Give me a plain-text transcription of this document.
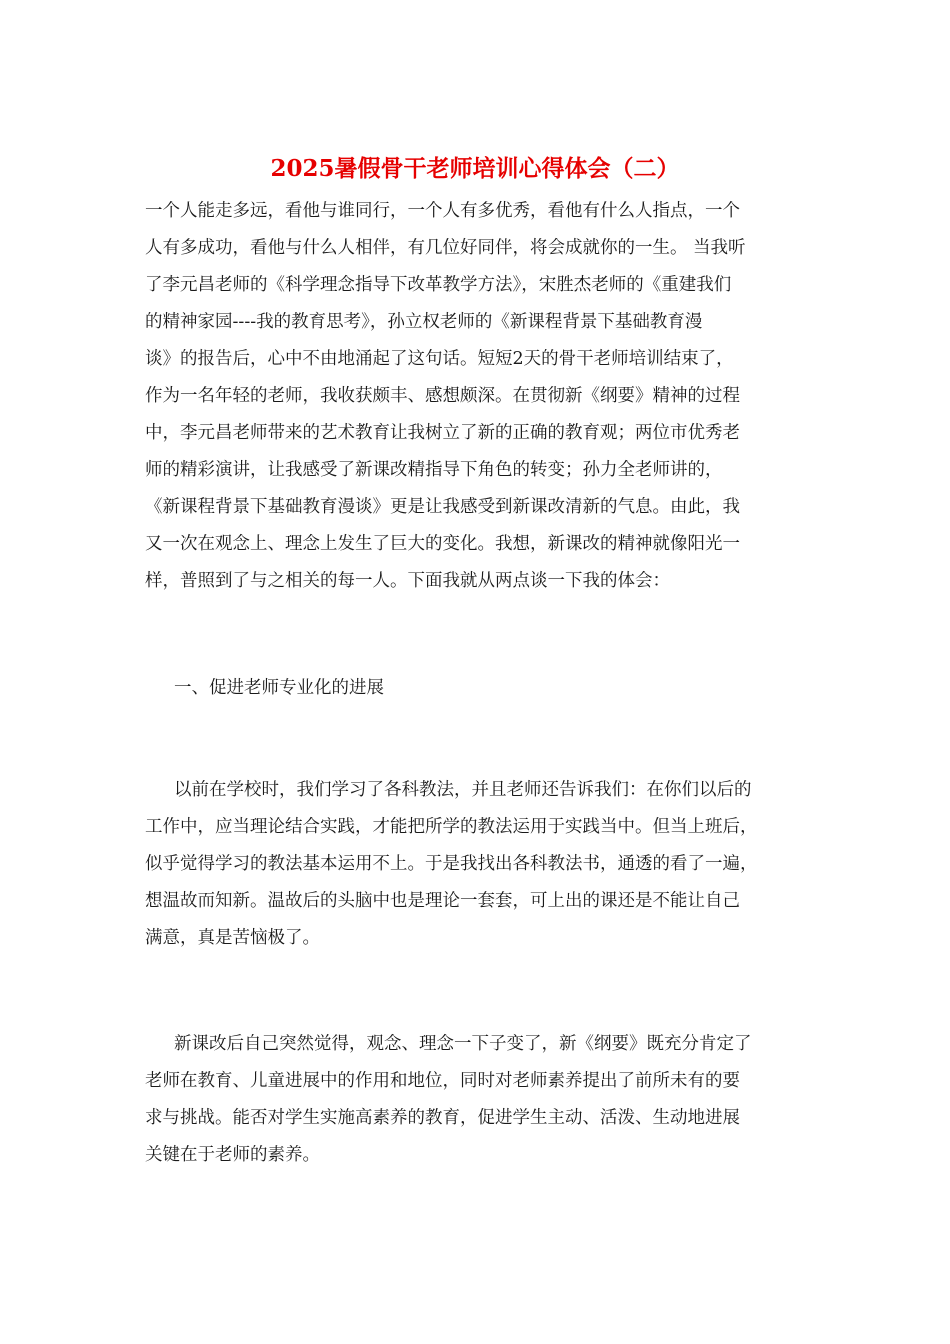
2025暑假骨干老师培训心得体会（二）

一个人能走多远，看他与谁同行，一个人有多优秀，看他有什么人指点，一个

人有多成功，看他与什么人相伴，有几位好同伴，将会成就你的一生。 当我听

了李元昌老师的《科学理念指导下改革教学方法》，宋胜杰老师的《重建我们

的精神家园----我的教育思考》，孙立权老师的《新课程背景下基础教育漫

谈》的报告后，心中不由地涌起了这句话。短短2天的骨干老师培训结束了，

作为一名年轻的老师，我收获颇丰、感想颇深。在贯彻新《纲要》精神的过程

中，李元昌老师带来的艺术教育让我树立了新的正确的教育观；两位市优秀老

师的精彩演讲，让我感受了新课改精指导下角色的转变；孙力全老师讲的，

《新课程背景下基础教育漫谈》更是让我感受到新课改清新的气息。由此，我

又一次在观念上、理念上发生了巨大的变化。我想，新课改的精神就像阳光一

样，普照到了与之相关的每一人。下面我就从两点谈一下我的体会：

一、促进老师专业化的进展

以前在学校时，我们学习了各科教法，并且老师还告诉我们：在你们以后的

工作中，应当理论结合实践，才能把所学的教法运用于实践当中。但当上班后，

似乎觉得学习的教法基本运用不上。于是我找出各科教法书，通透的看了一遍，

想温故而知新。温故后的头脑中也是理论一套套，可上出的课还是不能让自己

满意，真是苦恼极了。

新课改后自己突然觉得，观念、理念一下子变了，新《纲要》既充分肯定了

老师在教育、儿童进展中的作用和地位，同时对老师素养提出了前所未有的要

求与挑战。能否对学生实施高素养的教育，促进学生主动、活泼、生动地进展

关键在于老师的素养。
